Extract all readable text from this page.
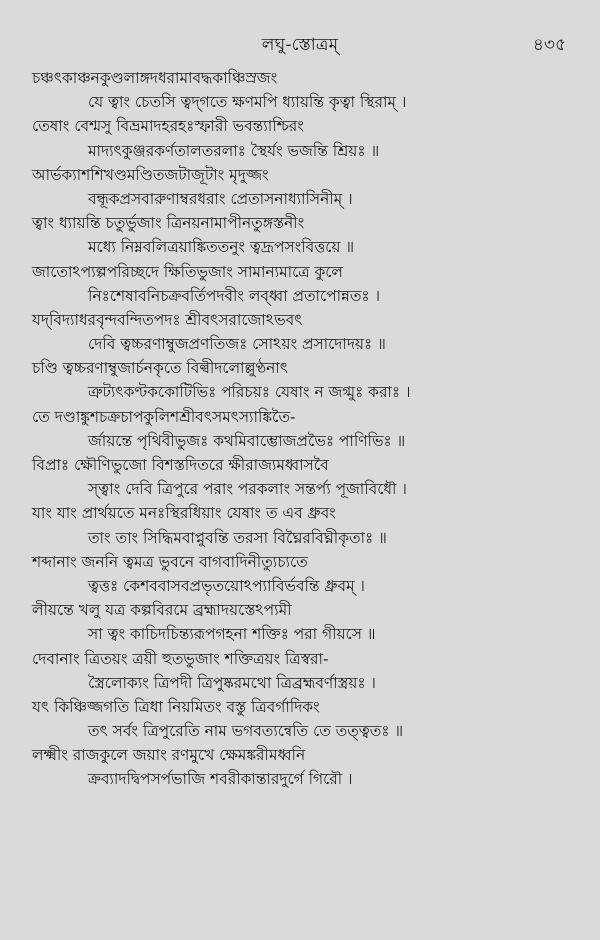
লঘু-স্তোত্রম্	৪৩৫
চঞ্চৎকাঞ্চনকুণ্ডলাঙ্গদধরামাবদ্ধকাঞ্চিস্রজং
যে ত্বাং চেতসি ত্বদ্‌গতে ক্ষণমপি ধ্যায়ন্তি কৃত্বা স্থিরাম্ ।
তেষাং বেশ্মসু বিভ্রমাদহরহঃস্ফারী ভবন্ত্যাশ্চিরং
মাদ্যৎকুঞ্জরকর্ণতালতরলাঃ স্থৈর্যং ভজন্তি শ্রিয়ঃ ॥
আর্ভক্যাশশিখণ্ডমণ্ডিতজটাজূটাং মৃদুজ্জং
বন্ধূকপ্রসবারুণাম্বরধরাং প্রেতাসনাধ্যাসিনীম্ ।
ত্বাং ধ্যায়ন্তি চতুর্ভুজাং ত্রিনয়নামাপীনতুঙ্গস্তনীং
মধ্যে নিম্নবলিত্রয়াঙ্কিততনুং ত্বদ্রূপসংবিত্তয়ে ॥
জাতোঽপ্যল্পপরিচ্ছদে ক্ষিতিভুজাং সামান্যমাত্রে কুলে
নিঃশেষাবনিচক্রবর্তিপদবীং লব্ধ্বা প্রতাপোন্নতঃ ।
যদ্‌বিদ্যাধরবৃন্দবন্দিতপদঃ শ্রীবৎসরাজোঽভবৎ
দেবি ত্বচ্চরণাম্বুজপ্রণতিজঃ সোঽয়ং প্রসাদোদয়ঃ ॥
চণ্ডি ত্বচ্চরণাম্বুজার্চনকৃতে বিল্বীদলোল্লুণ্ঠনাৎ
ত্রুট্যৎকণ্টককোটিভিঃ পরিচয়ঃ যেষাং ন জগ্মুঃ করাঃ ।
তে দণ্ডাঙ্কুশচক্রচাপকুলিশশ্রীবৎসমৎস্যাঙ্কিতৈ-
র্জায়ন্তে পৃথিবীভুজঃ কথমিবাম্ভোজপ্রভৈঃ পাণিভিঃ ॥
বিপ্রাঃ ক্ষৌণিভুজো বিশস্তদিতরে ক্ষীরাজ্যমধ্বাসবৈ
স্ত্বাং দেবি ত্রিপুরে পরাং পরকলাং সন্তর্প্য পূজাবিধৌ ।
যাং যাং প্রার্থয়তে মনঃস্থিরধিয়াং যেষাং ত এব ধ্রুবং
তাং তাং সিদ্ধিমবাপ্নুবন্তি তরসা বিঘ্নৈরবিঘ্নীকৃতাঃ ॥
শব্দানাং জননি ত্বমত্র ভুবনে বাগবাদিনীত্যুচ্যতে
ত্বত্তঃ কেশববাসবপ্রভৃতয়োঽপ্যাবির্ভবন্তি ধ্রুবম্ ।
লীয়ন্তে খলু যত্র কল্পবিরমে ব্রহ্মাদয়স্তেঽপ্যমী
সা ত্বং কাচিদচিন্ত্যরূপগহনা শক্তিঃ পরা গীয়সে ॥
দেবানাং ত্রিতয়ং ত্রয়ী হুতভুজাং শক্তিত্রয়ং ত্রিস্বরা-
স্ত্রৈলোক্যং ত্রিপদী ত্রিপুষ্করমথো ত্রিব্রহ্মবর্ণাস্ত্রয়ঃ ।
যৎ কিঞ্চিজ্জগতি ত্রিধা নিয়মিতং বস্তু ত্রিবর্গাদিকং
তৎ সর্বং ত্রিপুরেতি নাম ভগবত্যন্বেতি তে তত্ত্বতঃ ॥
লক্ষ্মীং রাজকুলে জয়াং রণমুখে ক্ষেমঙ্করীমধ্বনি
ক্রব্যাদদ্বিপসর্পভাজি শবরীকান্তারদুর্গে গিরৌ ।
